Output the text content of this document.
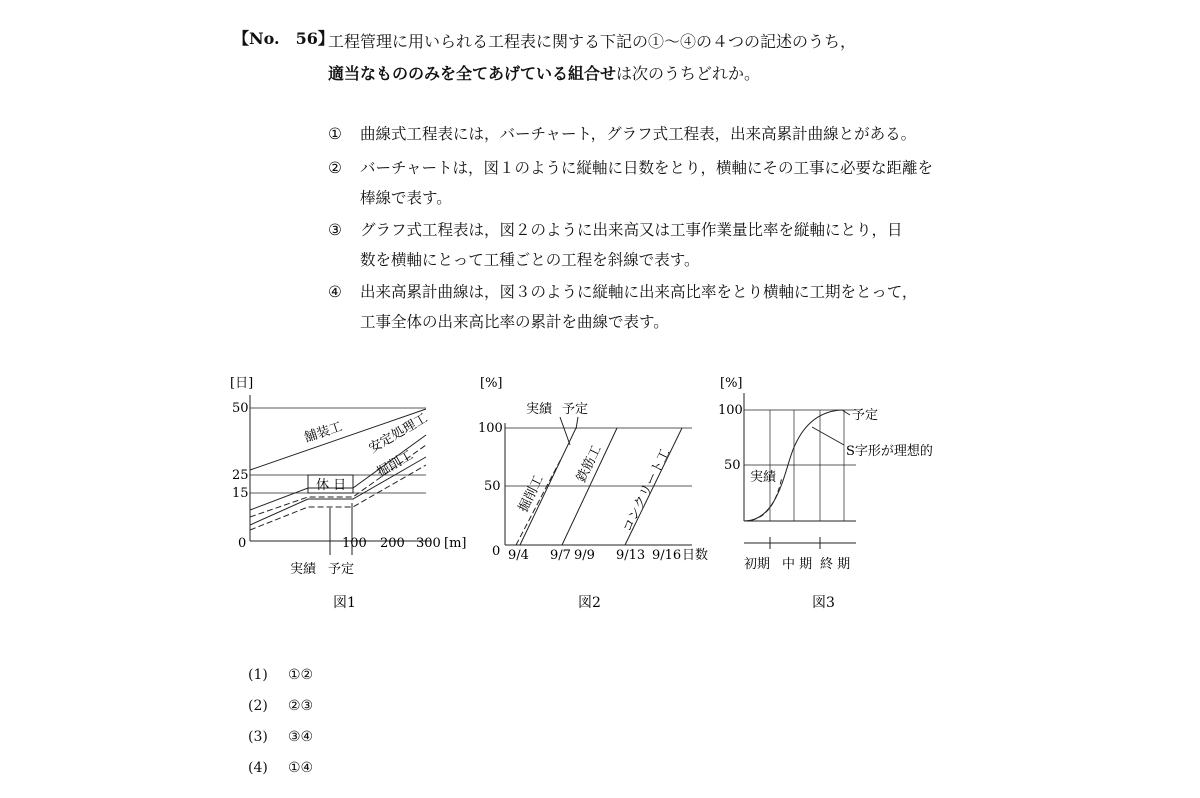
【No.　56】
工程管理に用いられる工程表に関する下記の①～④の４つの記述のうち，
適当なもののみを全てあげている組合せは次のうちどれか。
① 曲線式工程表には，バーチャート，グラフ式工程表，出来高累計曲線とがある。
② バーチャートは，図１のように縦軸に日数をとり，横軸にその工事に必要な距離を
棒線で表す。
③ グラフ式工程表は，図２のように出来高又は工事作業量比率を縦軸にとり，日
数を横軸にとって工種ごとの工程を斜線で表す。
④ 出来高累計曲線は，図３のように縦軸に出来高比率をとり横軸に工期をとって，
工事全体の出来高比率の累計を曲線で表す。
[日]
50
25
15
0	100 200 300 [m]
舗装工 安定処理工
掘削工
休 日
実績 予定
図1
[%]
100
50
0 9/4 9/7 9/9 9/13 9/16 日数
実績 予定
掘削工
鉄筋工 コンクリート工
図2
[%]
100
50
予定
S字形が理想的
実績
初期 中 期 終 期
図3
(1) ①②
(2) ②③
(3) ③④
(4) ①④
